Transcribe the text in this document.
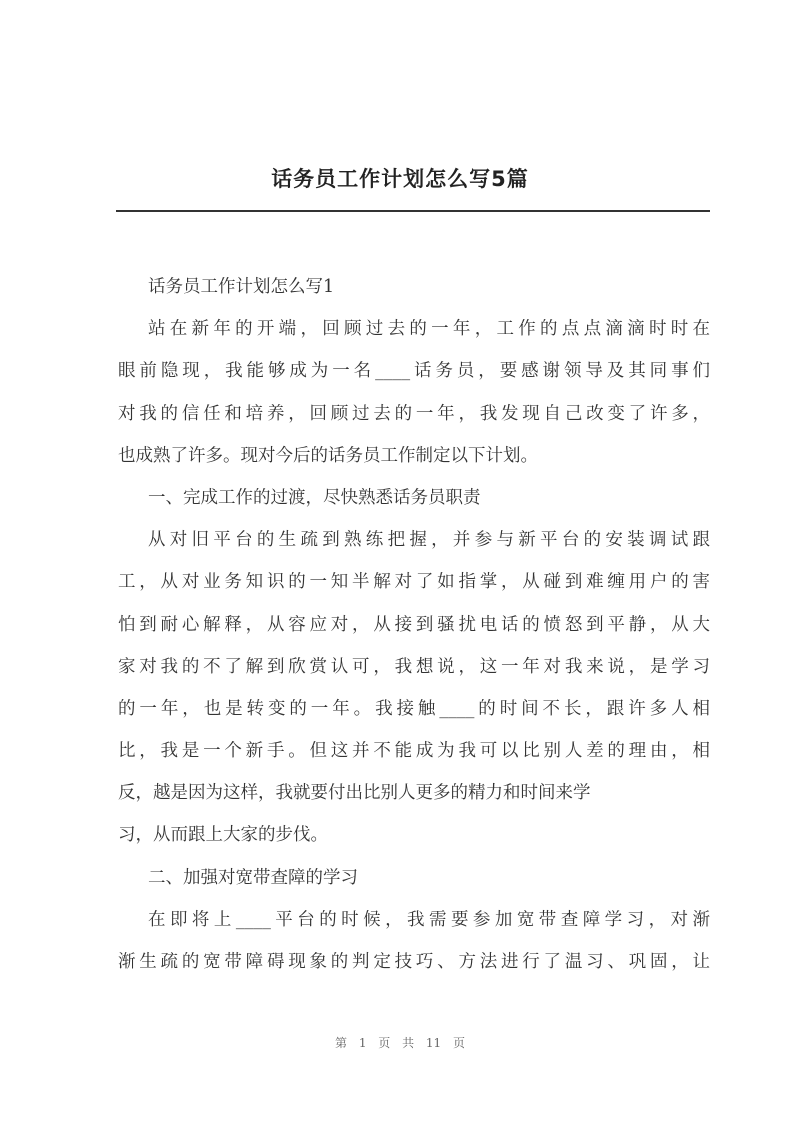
话务员工作计划怎么写5篇
话务员工作计划怎么写1
站在新年的开端，回顾过去的一年，工作的点点滴滴时时在
眼前隐现，我能够成为一名____话务员，要感谢领导及其同事们
对我的信任和培养，回顾过去的一年，我发现自己改变了许多，
也成熟了许多。现对今后的话务员工作制定以下计划。
一、完成工作的过渡，尽快熟悉话务员职责
从对旧平台的生疏到熟练把握，并参与新平台的安装调试跟
工，从对业务知识的一知半解对了如指掌，从碰到难缠用户的害
怕到耐心解释，从容应对，从接到骚扰电话的愤怒到平静，从大
家对我的不了解到欣赏认可，我想说，这一年对我来说，是学习
的一年，也是转变的一年。我接触____的时间不长，跟许多人相
比，我是一个新手。但这并不能成为我可以比别人差的理由，相
反，越是因为这样，我就要付出比别人更多的精力和时间来学
习，从而跟上大家的步伐。
二、加强对宽带查障的学习
在即将上____平台的时候，我需要参加宽带查障学习，对渐
渐生疏的宽带障碍现象的判定技巧、方法进行了温习、巩固，让
第 1 页 共 11 页
